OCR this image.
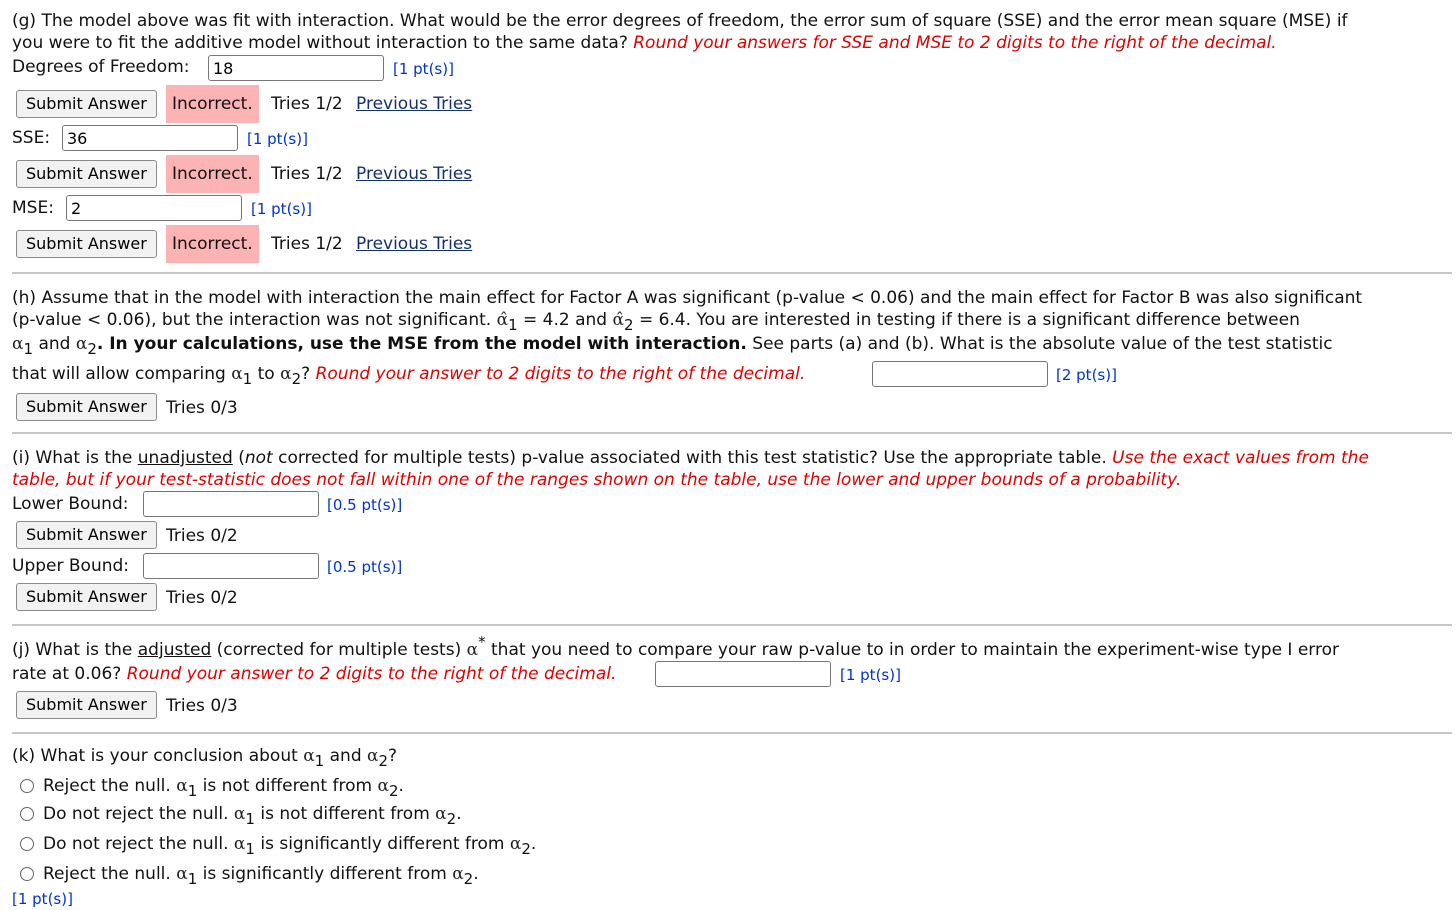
(g) The model above was fit with interaction. What would be the error degrees of freedom, the error sum of square (SSE) and the error mean square (MSE) if
you were to fit the additive model without interaction to the same data? Round your answers for SSE and MSE to 2 digits to the right of the decimal.
Degrees of Freedom:
18	[1 pt(s)]
Submit Answer	Incorrect.	Tries 1/2 Previous Tries
SSE:
36	[1 pt(s)]
Submit Answer	Incorrect.	Tries 1/2 Previous Tries
MSE:
2	[1 pt(s)]
Submit Answer	Incorrect.	Tries 1/2 Previous Tries
(h) Assume that in the model with interaction the main effect for Factor A was significant (p-value < 0.06) and the main effect for Factor B was also significant
(p-value < 0.06), but the interaction was not significant. $\alphâ_1 = 4.2$ and $\alphâ_2 = 6.4$. You are interested in testing if there is a significant difference between
$\alpha_1$ and $\alpha_2$. In your calculations, use the MSE from the model with interaction. See parts (a) and (b). What is the absolute value of the test statistic
that will allow comparing $\alpha_1$ to $\alpha_2$? Round your answer to 2 digits to the right of the decimal.	[2 pt(s)]
Submit Answer	Tries 0/3
(i) What is the unadjusted (not corrected for multiple tests) p-value associated with this test statistic? Use the appropriate table. Use the exact values from the
table, but if your test-statistic does not fall within one of the ranges shown on the table, use the lower and upper bounds of a probability.
Lower Bound:	[0.5 pt(s)]
Submit Answer	Tries 0/2
Upper Bound:	[0.5 pt(s)]
Submit Answer	Tries 0/2
(j) What is the adjusted (corrected for multiple tests) α* that you need to compare your raw p-value to in order to maintain the experiment-wise type I error
rate at 0.06? Round your answer to 2 digits to the right of the decimal.	[1 pt(s)]
Submit Answer	Tries 0/3
(k) What is your conclusion about $\alpha_1$ and $\alpha_2$?
Reject the null. $\alpha_1$ is not different from $\alpha_2$.
Do not reject the null. $\alpha_1$ is not different from $\alpha_2$.
Do not reject the null. $\alpha_1$ is significantly different from $\alpha_2$.
Reject the null. $\alpha_1$ is significantly different from $\alpha_2$.
[1 pt(s)]
